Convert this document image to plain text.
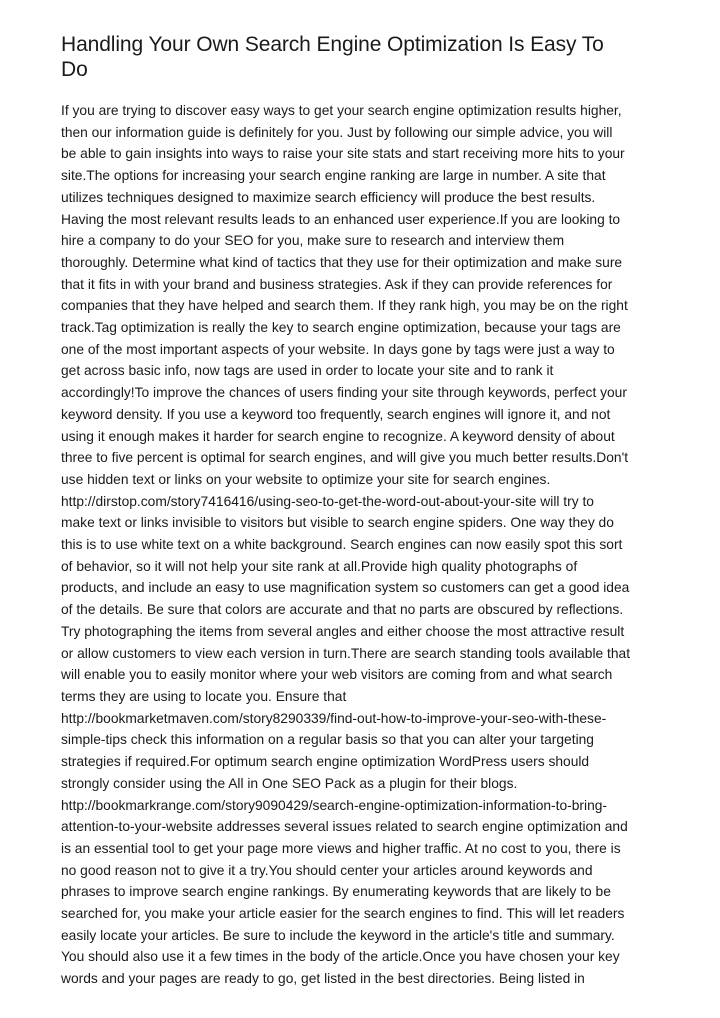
Handling Your Own Search Engine Optimization Is Easy To
Do
If you are trying to discover easy ways to get your search engine optimization results higher,
then our information guide is definitely for you. Just by following our simple advice, you will
be able to gain insights into ways to raise your site stats and start receiving more hits to your
site.The options for increasing your search engine ranking are large in number. A site that
utilizes techniques designed to maximize search efficiency will produce the best results.
Having the most relevant results leads to an enhanced user experience.If you are looking to
hire a company to do your SEO for you, make sure to research and interview them
thoroughly. Determine what kind of tactics that they use for their optimization and make sure
that it fits in with your brand and business strategies. Ask if they can provide references for
companies that they have helped and search them. If they rank high, you may be on the right
track.Tag optimization is really the key to search engine optimization, because your tags are
one of the most important aspects of your website. In days gone by tags were just a way to
get across basic info, now tags are used in order to locate your site and to rank it
accordingly!To improve the chances of users finding your site through keywords, perfect your
keyword density. If you use a keyword too frequently, search engines will ignore it, and not
using it enough makes it harder for search engine to recognize. A keyword density of about
three to five percent is optimal for search engines, and will give you much better results.Don't
use hidden text or links on your website to optimize your site for search engines.
http://dirstop.com/story7416416/using-seo-to-get-the-word-out-about-your-site will try to
make text or links invisible to visitors but visible to search engine spiders. One way they do
this is to use white text on a white background. Search engines can now easily spot this sort
of behavior, so it will not help your site rank at all.Provide high quality photographs of
products, and include an easy to use magnification system so customers can get a good idea
of the details. Be sure that colors are accurate and that no parts are obscured by reflections.
Try photographing the items from several angles and either choose the most attractive result
or allow customers to view each version in turn.There are search standing tools available that
will enable you to easily monitor where your web visitors are coming from and what search
terms they are using to locate you. Ensure that
http://bookmarketmaven.com/story8290339/find-out-how-to-improve-your-seo-with-these-
simple-tips check this information on a regular basis so that you can alter your targeting
strategies if required.For optimum search engine optimization WordPress users should
strongly consider using the All in One SEO Pack as a plugin for their blogs.
http://bookmarkrange.com/story9090429/search-engine-optimization-information-to-bring-
attention-to-your-website addresses several issues related to search engine optimization and
is an essential tool to get your page more views and higher traffic. At no cost to you, there is
no good reason not to give it a try.You should center your articles around keywords and
phrases to improve search engine rankings. By enumerating keywords that are likely to be
searched for, you make your article easier for the search engines to find. This will let readers
easily locate your articles. Be sure to include the keyword in the article's title and summary.
You should also use it a few times in the body of the article.Once you have chosen your key
words and your pages are ready to go, get listed in the best directories. Being listed in
